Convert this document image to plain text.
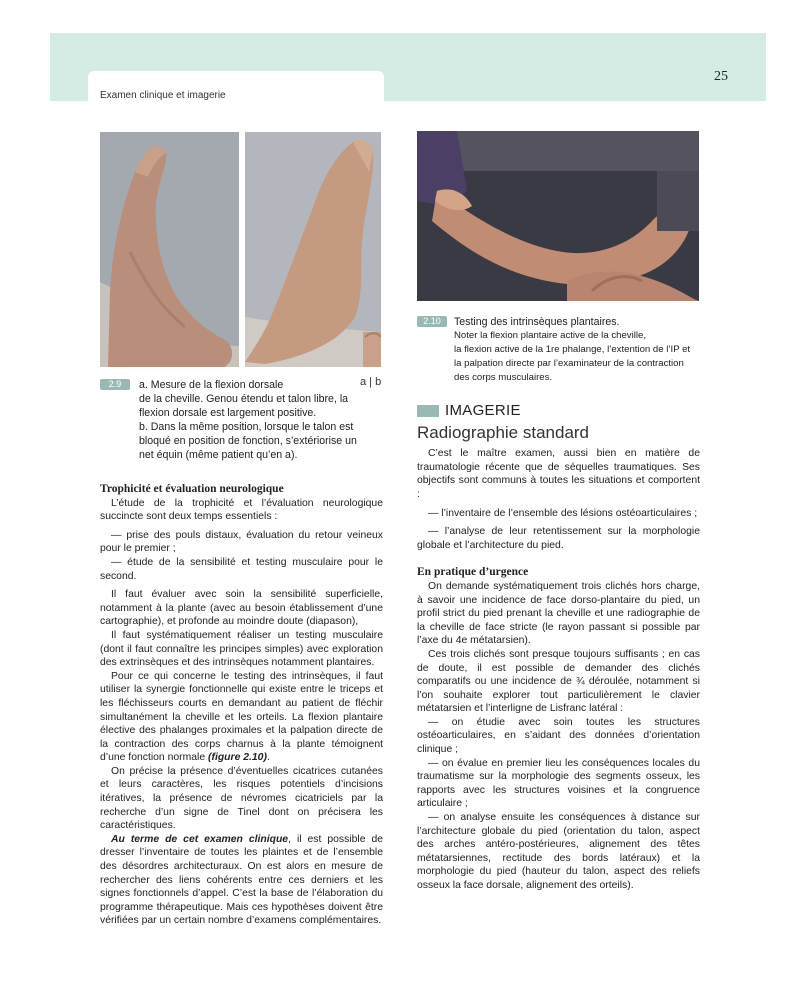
Examen clinique et imagerie
25
2.9	a | b

a. Mesure de la flexion dorsale

de la cheville. Genou étendu et talon libre, la

flexion dorsale est largement positive.

b. Dans la même position, lorsque le talon est

bloqué en position de fonction, s’extériorise un

net équin (même patient qu’en a).

2.10	Testing des intrinsèques plantaires.

Noter la flexion plantaire active de la cheville,

la flexion active de la 1re phalange, l’extention de l’IP et

la palpation directe par l’examinateur de la contraction

des corps musculaires.

Trophicité et évaluation neurologique

L’étude de la trophicité et l’évaluation neurologique succincte sont deux temps essentiels :

— prise des pouls distaux, évaluation du retour veineux pour le premier ;

— étude de la sensibilité et testing musculaire pour le second.

Il faut évaluer avec soin la sensibilité superficielle, notamment à la plante (avec au besoin établissement d’une cartographie), et profonde au moindre doute (diapason),

Il faut systématiquement réaliser un testing musculaire (dont il faut connaître les principes simples) avec exploration des extrinsèques et des intrinsèques notamment plantaires.

Pour ce qui concerne le testing des intrinsèques, il faut utiliser la synergie fonctionnelle qui existe entre le triceps et les fléchisseurs courts en demandant au patient de fléchir simultanément la cheville et les orteils. La flexion plantaire élective des phalanges proximales et la palpation directe de la contraction des corps charnus à la plante témoignent d’une fonction normale (figure 2.10).

On précise la présence d’éventuelles cicatrices cutanées et leurs caractères, les risques potentiels d’incisions itératives, la présence de névromes cicatriciels par la recherche d’un signe de Tinel dont on précisera les caractéristiques.

Au terme de cet examen clinique, il est possible de dresser l’inventaire de toutes les plaintes et de l’ensemble des désordres architecturaux. On est alors en mesure de rechercher des liens cohérents entre ces derniers et les signes fonctionnels d’appel. C’est la base de l’élaboration du programme thérapeutique. Mais ces hypothèses doivent être vérifiées par un certain nombre d’examens complémentaires.

IMAGERIE
Radiographie standard

C’est le maître examen, aussi bien en matière de traumatologie récente que de séquelles traumatiques. Ses objectifs sont communs à toutes les situations et comportent :

— l’inventaire de l’ensemble des lésions ostéoarticulaires ;

— l’analyse de leur retentissement sur la morphologie globale et l’architecture du pied.

En pratique d’urgence

On demande systématiquement trois clichés hors charge, à savoir une incidence de face dorso-plantaire du pied, un profil strict du pied prenant la cheville et une radiographie de la cheville de face stricte (le rayon passant si possible par l’axe du 4e métatarsien).

Ces trois clichés sont presque toujours suffisants ; en cas de doute, il est possible de demander des clichés comparatifs ou une incidence de ¾ déroulée, notamment si l’on souhaite explorer tout particulièrement le clavier métatarsien et l’interligne de Lisfranc latéral :

— on étudie avec soin toutes les structures ostéoarticulaires, en s’aidant des données d’orientation clinique ;

— on évalue en premier lieu les conséquences locales du traumatisme sur la morphologie des segments osseux, les rapports avec les structures voisines et la congruence articulaire ;

— on analyse ensuite les conséquences à distance sur l’architecture globale du pied (orientation du talon, aspect des arches antéro-postérieures, alignement des têtes métatarsiennes, rectitude des bords latéraux) et la morphologie du pied (hauteur du talon, aspect des reliefs osseux la face dorsale, alignement des orteils).
